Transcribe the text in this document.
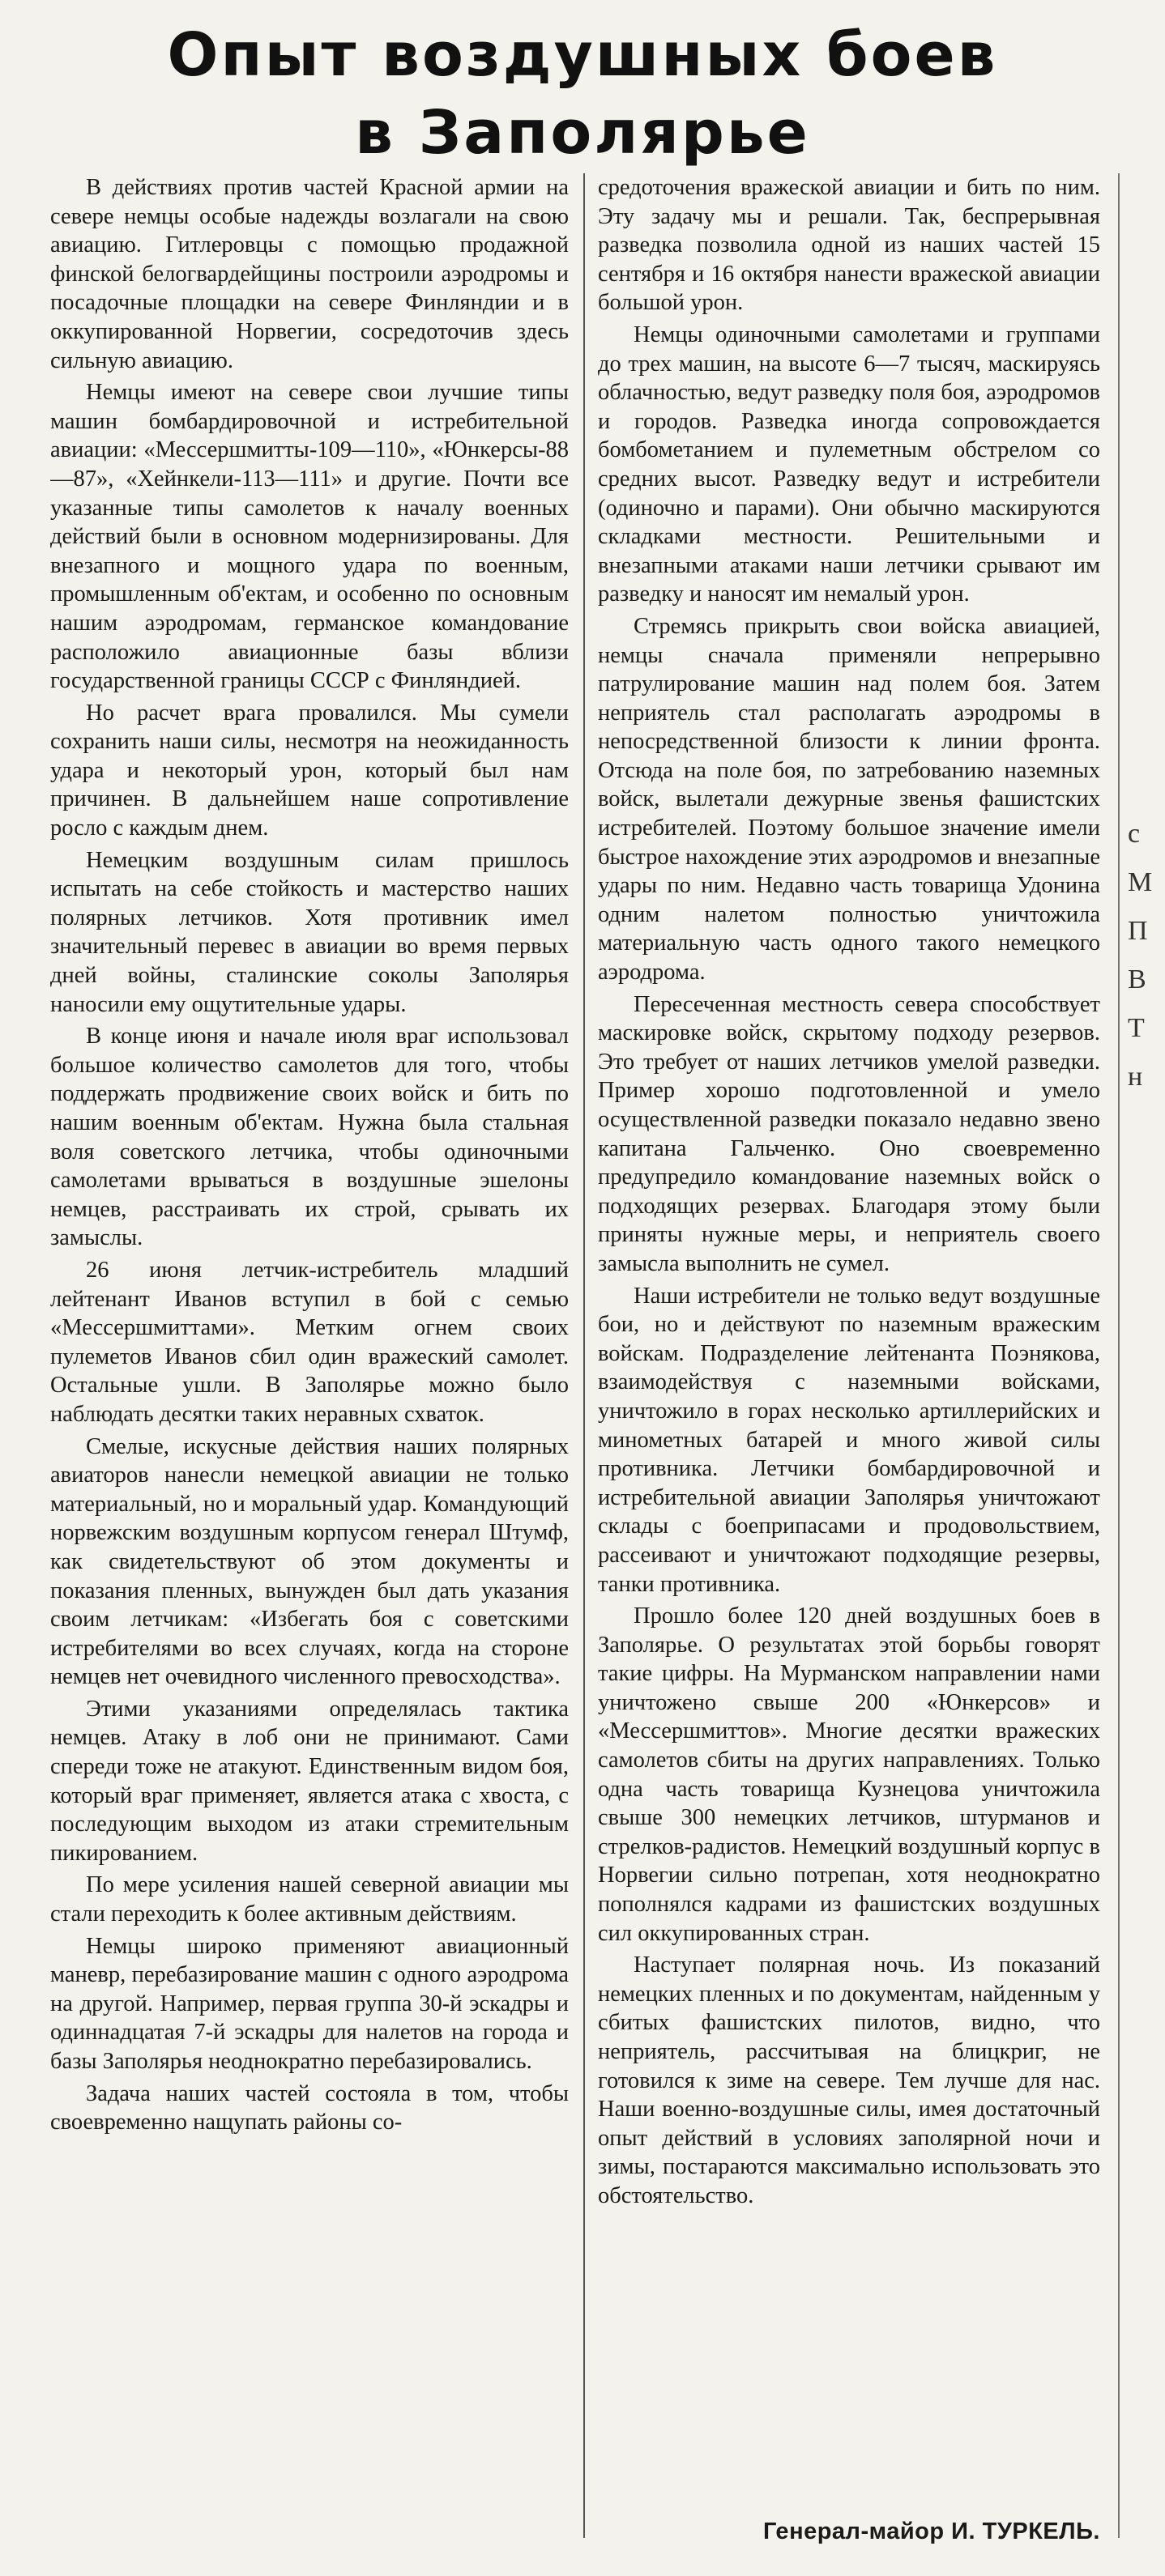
Опыт воздушных боев
в Заполярье

В действиях против частей Красной армии на севере немцы особые надежды возлагали на свою авиацию. Гитлеровцы с помощью продажной финской белогвардейщины построили аэродромы и посадочные площадки на севере Финляндии и в оккупированной Норвегии, сосредоточив здесь сильную авиацию.

Немцы имеют на севере свои лучшие типы машин бомбардировочной и истребительной авиации: «Мессершмитты-109—110», «Юнкерсы-88—87», «Хейнкели-113—111» и другие. Почти все указанные типы самолетов к началу военных действий были в основном модернизированы. Для внезапного и мощного удара по военным, промышленным об'ектам, и особенно по основным нашим аэродромам, германское командование расположило авиационные базы вблизи государственной границы СССР с Финляндией.

Но расчет врага провалился. Мы сумели сохранить наши силы, несмотря на неожиданность удара и некоторый урон, который был нам причинен. В дальнейшем наше сопротивление росло с каждым днем.

Немецким воздушным силам пришлось испытать на себе стойкость и мастерство наших полярных летчиков. Хотя противник имел значительный перевес в авиации во время первых дней войны, сталинские соколы Заполярья наносили ему ощутительные удары.

В конце июня и начале июля враг использовал большое количество самолетов для того, чтобы поддержать продвижение своих войск и бить по нашим военным об'ектам. Нужна была стальная воля советского летчика, чтобы одиночными самолетами врываться в воздушные эшелоны немцев, расстраивать их строй, срывать их замыслы.

26 июня летчик-истребитель младший лейтенант Иванов вступил в бой с семью «Мессершмиттами». Метким огнем своих пулеметов Иванов сбил один вражеский самолет. Остальные ушли. В Заполярье можно было наблюдать десятки таких неравных схваток.

Смелые, искусные действия наших полярных авиаторов нанесли немецкой авиации не только материальный, но и моральный удар. Командующий норвежским воздушным корпусом генерал Штумф, как свидетельствуют об этом документы и показания пленных, вынужден был дать указания своим летчикам: «Избегать боя с советскими истребителями во всех случаях, когда на стороне немцев нет очевидного численного превосходства».

Этими указаниями определялась тактика немцев. Атаку в лоб они не принимают. Сами спереди тоже не атакуют. Единственным видом боя, который враг применяет, является атака с хвоста, с последующим выходом из атаки стремительным пикированием.

По мере усиления нашей северной авиации мы стали переходить к более активным действиям.

Немцы широко применяют авиационный маневр, перебазирование машин с одного аэродрома на другой. Например, первая группа 30-й эскадры и одиннадцатая 7-й эскадры для налетов на города и базы Заполярья неоднократно перебазировались.

Задача наших частей состояла в том, чтобы своевременно нащупать районы со-

средоточения вражеской авиации и бить по ним. Эту задачу мы и решали. Так, беспрерывная разведка позволила одной из наших частей 15 сентября и 16 октября нанести вражеской авиации большой урон.

Немцы одиночными самолетами и группами до трех машин, на высоте 6—7 тысяч, маскируясь облачностью, ведут разведку поля боя, аэродромов и городов. Разведка иногда сопровождается бомбометанием и пулеметным обстрелом со средних высот. Разведку ведут и истребители (одиночно и парами). Они обычно маскируются складками местности. Решительными и внезапными атаками наши летчики срывают им разведку и наносят им немалый урон.

Стремясь прикрыть свои войска авиацией, немцы сначала применяли непрерывно патрулирование машин над полем боя. Затем неприятель стал располагать аэродромы в непосредственной близости к линии фронта. Отсюда на поле боя, по затребованию наземных войск, вылетали дежурные звенья фашистских истребителей. Поэтому большое значение имели быстрое нахождение этих аэродромов и внезапные удары по ним. Недавно часть товарища Удонина одним налетом полностью уничтожила материальную часть одного такого немецкого аэродрома.

Пересеченная местность севера способствует маскировке войск, скрытому подходу резервов. Это требует от наших летчиков умелой разведки. Пример хорошо подготовленной и умело осуществленной разведки показало недавно звено капитана Гальченко. Оно своевременно предупредило командование наземных войск о подходящих резервах. Благодаря этому были приняты нужные меры, и неприятель своего замысла выполнить не сумел.

Наши истребители не только ведут воздушные бои, но и действуют по наземным вражеским войскам. Подразделение лейтенанта Поэнякова, взаимодействуя с наземными войсками, уничтожило в горах несколько артиллерийских и минометных батарей и много живой силы противника. Летчики бомбардировочной и истребительной авиации Заполярья уничтожают склады с боеприпасами и продовольствием, рассеивают и уничтожают подходящие резервы, танки противника.

Прошло более 120 дней воздушных боев в Заполярье. О результатах этой борьбы говорят такие цифры. На Мурманском направлении нами уничтожено свыше 200 «Юнкерсов» и «Мессершмиттов». Многие десятки вражеских самолетов сбиты на других направлениях. Только одна часть товарища Кузнецова уничтожила свыше 300 немецких летчиков, штурманов и стрелков-радистов. Немецкий воздушный корпус в Норвегии сильно потрепан, хотя неоднократно пополнялся кадрами из фашистских воздушных сил оккупированных стран.

Наступает полярная ночь. Из показаний немецких пленных и по документам, найденным у сбитых фашистских пилотов, видно, что неприятель, рассчитывая на блицкриг, не готовился к зиме на севере. Тем лучше для нас. Наши военно-воздушные силы, имея достаточный опыт действий в условиях заполярной ночи и зимы, постараются максимально использовать это обстоятельство.

с
М
П
В
Т
н
Генерал-майор И. ТУРКЕЛЬ.
